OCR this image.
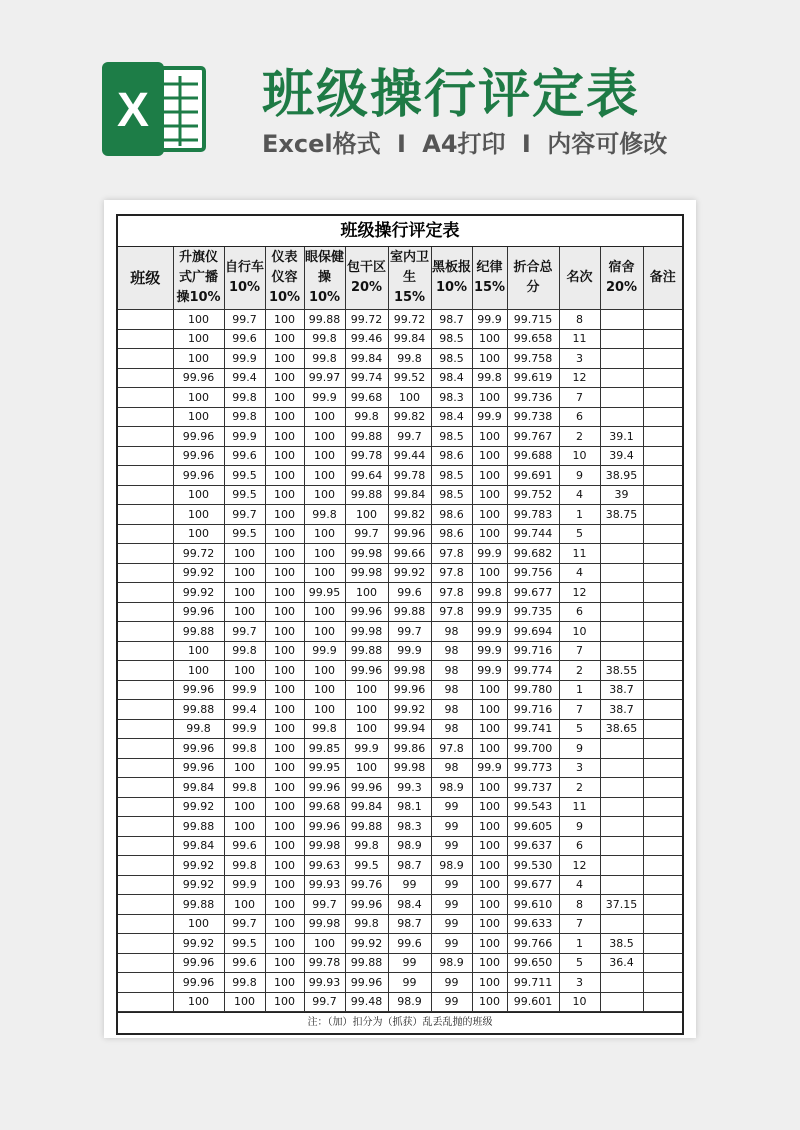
X 班级操行评定表
Excel格式 I A4打印 I 内容可修改
班级操行评定表
班级	升旗仪式广播操10%	自行车10%	仪表仪容10%	眼保健操10%	包干区20%	室内卫生15%	黑板报10%	纪律15%	折合总分	名次	宿舍20%	备注
	100	99.7	100	99.88	99.72	99.72	98.7	99.9	99.715	8		
	100	99.6	100	99.8	99.46	99.84	98.5	100	99.658	11		
	100	99.9	100	99.8	99.84	99.8	98.5	100	99.758	3		
	99.96	99.4	100	99.97	99.74	99.52	98.4	99.8	99.619	12		
	100	99.8	100	99.9	99.68	100	98.3	100	99.736	7		
	100	99.8	100	100	99.8	99.82	98.4	99.9	99.738	6		
	99.96	99.9	100	100	99.88	99.7	98.5	100	99.767	2	39.1	
	99.96	99.6	100	100	99.78	99.44	98.6	100	99.688	10	39.4	
	99.96	99.5	100	100	99.64	99.78	98.5	100	99.691	9	38.95	
	100	99.5	100	100	99.88	99.84	98.5	100	99.752	4	39	
	100	99.7	100	99.8	100	99.82	98.6	100	99.783	1	38.75	
	100	99.5	100	100	99.7	99.96	98.6	100	99.744	5		
	99.72	100	100	100	99.98	99.66	97.8	99.9	99.682	11		
	99.92	100	100	100	99.98	99.92	97.8	100	99.756	4		
	99.92	100	100	99.95	100	99.6	97.8	99.8	99.677	12		
	99.96	100	100	100	99.96	99.88	97.8	99.9	99.735	6		
	99.88	99.7	100	100	99.98	99.7	98	99.9	99.694	10		
	100	99.8	100	99.9	99.88	99.9	98	99.9	99.716	7		
	100	100	100	100	99.96	99.98	98	99.9	99.774	2	38.55	
	99.96	99.9	100	100	100	99.96	98	100	99.780	1	38.7	
	99.88	99.4	100	100	100	99.92	98	100	99.716	7	38.7	
	99.8	99.9	100	99.8	100	99.94	98	100	99.741	5	38.65	
	99.96	99.8	100	99.85	99.9	99.86	97.8	100	99.700	9		
	99.96	100	100	99.95	100	99.98	98	99.9	99.773	3		
	99.84	99.8	100	99.96	99.96	99.3	98.9	100	99.737	2		
	99.92	100	100	99.68	99.84	98.1	99	100	99.543	11		
	99.88	100	100	99.96	99.88	98.3	99	100	99.605	9		
	99.84	99.6	100	99.98	99.8	98.9	99	100	99.637	6		
	99.92	99.8	100	99.63	99.5	98.7	98.9	100	99.530	12		
	99.92	99.9	100	99.93	99.76	99	99	100	99.677	4		
	99.88	100	100	99.7	99.96	98.4	99	100	99.610	8	37.15	
	100	99.7	100	99.98	99.8	98.7	99	100	99.633	7		
	99.92	99.5	100	100	99.92	99.6	99	100	99.766	1	38.5	
	99.96	99.6	100	99.78	99.88	99	98.9	100	99.650	5	36.4	
	99.96	99.8	100	99.93	99.96	99	99	100	99.711	3		
	100	100	100	99.7	99.48	98.9	99	100	99.601	10		
注：（加）扣分为（抓获）乱丢乱抛的班级
